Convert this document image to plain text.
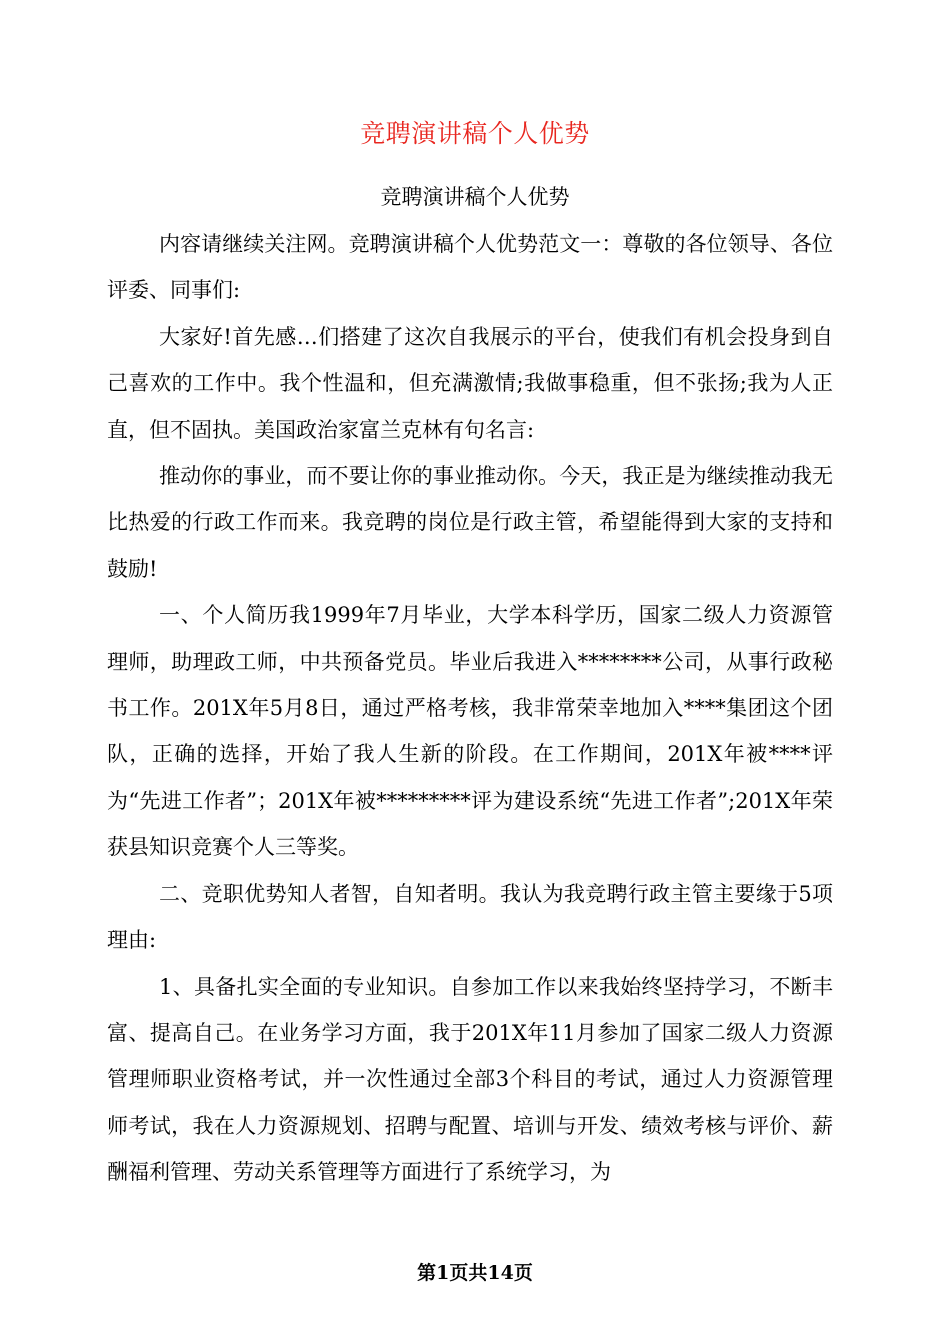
竞聘演讲稿个人优势
竞聘演讲稿个人优势

内容请继续关注网。竞聘演讲稿个人优势范文一：尊敬的各位领导、各位评委、同事们:

大家好!首先感…们搭建了这次自我展示的平台，使我们有机会投身到自己喜欢的工作中。我个性温和，但充满激情;我做事稳重，但不张扬;我为人正直，但不固执。美国政治家富兰克林有句名言:

推动你的事业，而不要让你的事业推动你。今天，我正是为继续推动我无比热爱的行政工作而来。我竞聘的岗位是行政主管，希望能得到大家的支持和鼓励!

一、个人简历我1999年7月毕业，大学本科学历，国家二级人力资源管理师，助理政工师，中共预备党员。毕业后我进入********公司，从事行政秘书工作。201X年5月8日，通过严格考核，我非常荣幸地加入****集团这个团队，正确的选择，开始了我人生新的阶段。在工作期间，201X年被****评为“先进工作者”；201X年被*********评为建设系统“先进工作者”;201X年荣获县知识竞赛个人三等奖。

二、竞职优势知人者智，自知者明。我认为我竞聘行政主管主要缘于5项理由:

1、具备扎实全面的专业知识。自参加工作以来我始终坚持学习，不断丰富、提高自己。在业务学习方面，我于201X年11月参加了国家二级人力资源管理师职业资格考试，并一次性通过全部3个科目的考试，通过人力资源管理师考试，我在人力资源规划、招聘与配置、培训与开发、绩效考核与评价、薪酬福利管理、劳动关系管理等方面进行了系统学习，为

第1页共14页
